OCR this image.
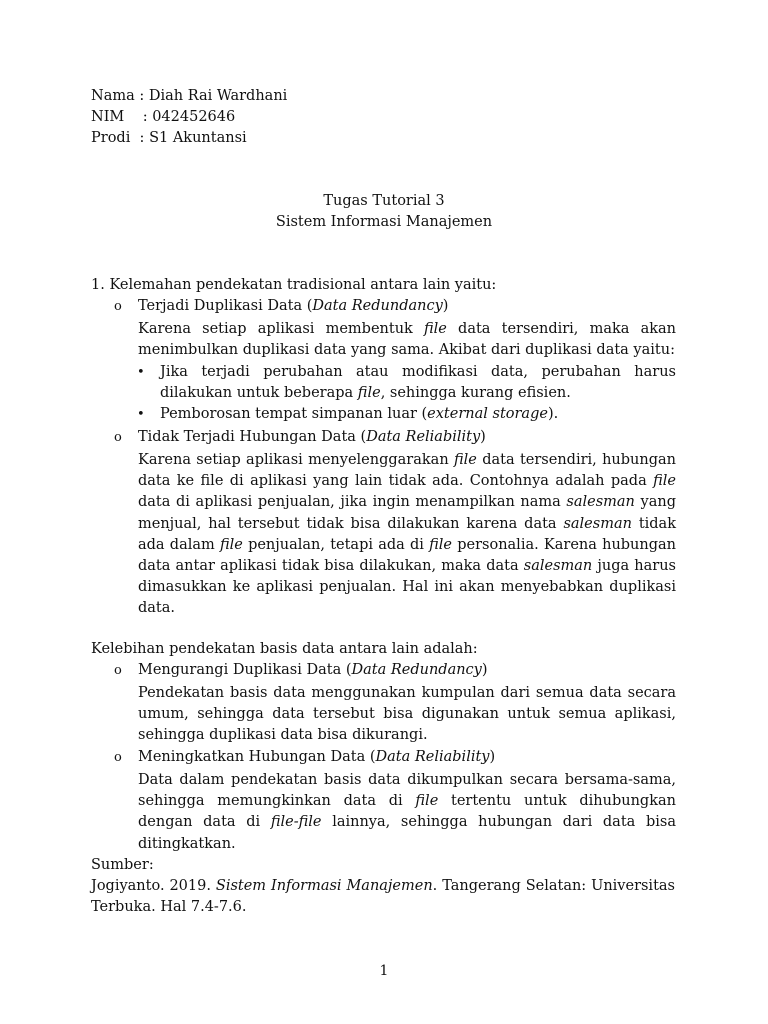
Nama : Diah Rai Wardhani
NIM    : 042452646
Prodi  : S1 Akuntansi
Tugas Tutorial 3
Sistem Informasi Manajemen
1. Kelemahan pendekatan tradisional antara lain yaitu:
o Terjadi Duplikasi Data (Data Redundancy)
Karena setiap aplikasi membentuk file data tersendiri, maka akan menimbulkan duplikasi data yang sama. Akibat dari duplikasi data yaitu:
• Jika terjadi perubahan atau modifikasi data, perubahan harus dilakukan untuk beberapa file, sehingga kurang efisien.
• Pemborosan tempat simpanan luar (external storage).
o Tidak Terjadi Hubungan Data (Data Reliability)
Karena setiap aplikasi menyelenggarakan file data tersendiri, hubungan data ke file di aplikasi yang lain tidak ada. Contohnya adalah pada file data di aplikasi penjualan, jika ingin menampilkan nama salesman yang menjual, hal tersebut tidak bisa dilakukan karena data salesman tidak ada dalam file penjualan, tetapi ada di file personalia. Karena hubungan data antar aplikasi tidak bisa dilakukan, maka data salesman juga harus dimasukkan ke aplikasi penjualan. Hal ini akan menyebabkan duplikasi data.
Kelebihan pendekatan basis data antara lain adalah:
o Mengurangi Duplikasi Data (Data Redundancy)
Pendekatan basis data menggunakan kumpulan dari semua data secara umum, sehingga data tersebut bisa digunakan untuk semua aplikasi, sehingga duplikasi data bisa dikurangi.
o Meningkatkan Hubungan Data (Data Reliability)
Data dalam pendekatan basis data dikumpulkan secara bersama-sama, sehingga memungkinkan data di file tertentu untuk dihubungkan dengan data di file-file lainnya, sehingga hubungan dari data bisa ditingkatkan.
Sumber:
Jogiyanto. 2019. Sistem Informasi Manajemen. Tangerang Selatan: Universitas Terbuka. Hal 7.4-7.6.
1
